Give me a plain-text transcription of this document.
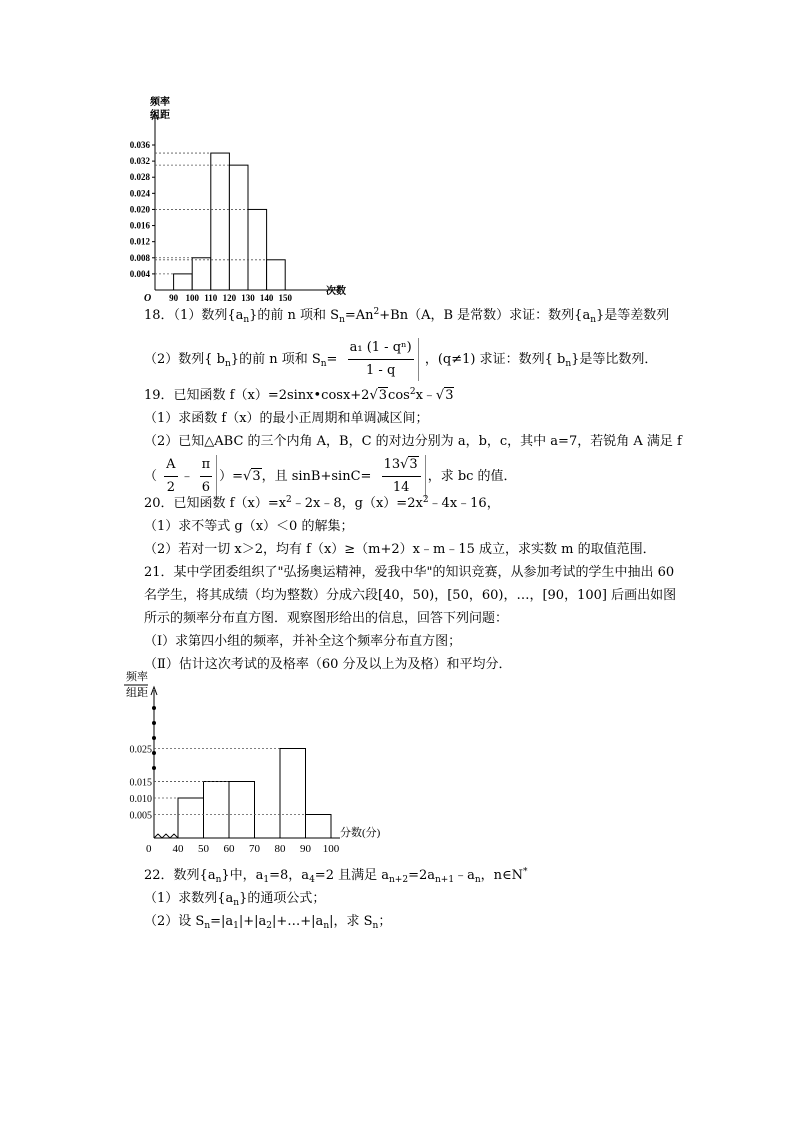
频率
组距
次数
O
0.004
0.008
0.012
0.016
0.020
0.024
0.028
0.032
0.036
90 100 110 120 130 140 150
18．（1）数列$\{a_n\}$的前 n 项和 $S_n=An^2+Bn(A$，B 是常数）求证：数列$\{a_n\}$是等差数列
（2）数列{ $b_n$}的前 n 项和 $S_n= \frac{\text{a₁ (1 - qⁿ)}}{1 - q}$ ，(q≠1) 求证：数列{ $b_n$}是等比数列．
19．已知函数 $f(x)=2\sin x•\cos x+2√3\cos^2x﹣√3$
（1）求函数 f（x）的最小正周期和单调减区间；
（2）已知△ABC 的三个内角 A，B，C 的对边分别为 a，b，c，其中 a=7，若锐角 A 满足 f
（ $\frac{A}{2}$ ﹣ $\frac{\pi}{6} )=√3$，且 $\sin B+\sin C= \frac{13√3}{14}$ ，求 bc 的值．
20．已知函数 $f(x)=x^2﹣2x﹣8$，$g(x)=2x^2﹣4x﹣16$，
（1）求不等式 g（x）＜0 的解集；
（2）若对一切 x＞2，均有 f（x）≥（m+2）x﹣m﹣15 成立，求实数 m 的取值范围．
21．某中学团委组织了"弘扬奥运精神，爱我中华"的知识竞赛，从参加考试的学生中抽出 60
名学生，将其成绩（均为整数）分成六段[40，50)，[50，60)，…，[90，100] 后画出如图
所示的频率分布直方图．观察图形给出的信息，回答下列问题：
（Ⅰ）求第四小组的频率，并补全这个频率分布直方图；
（Ⅱ）估计这次考试的及格率（60 分及以上为及格）和平均分．
频率
组距
分数(分)
0
0.005
0.010
0.015
0.025
40 50 60 70 80 90 100
22．数列$\{a_n\}$中，$a_1=8$，$a_4=2$ 且满足 $a_{n+2}=2a_{n+1}﹣a_n$，n∈N*
（1）求数列$\{a_n\}$的通项公式；
（2）设 $S_n=|a_1|+|a_2|+\dots+|a_n|$，求 $S_n$；
